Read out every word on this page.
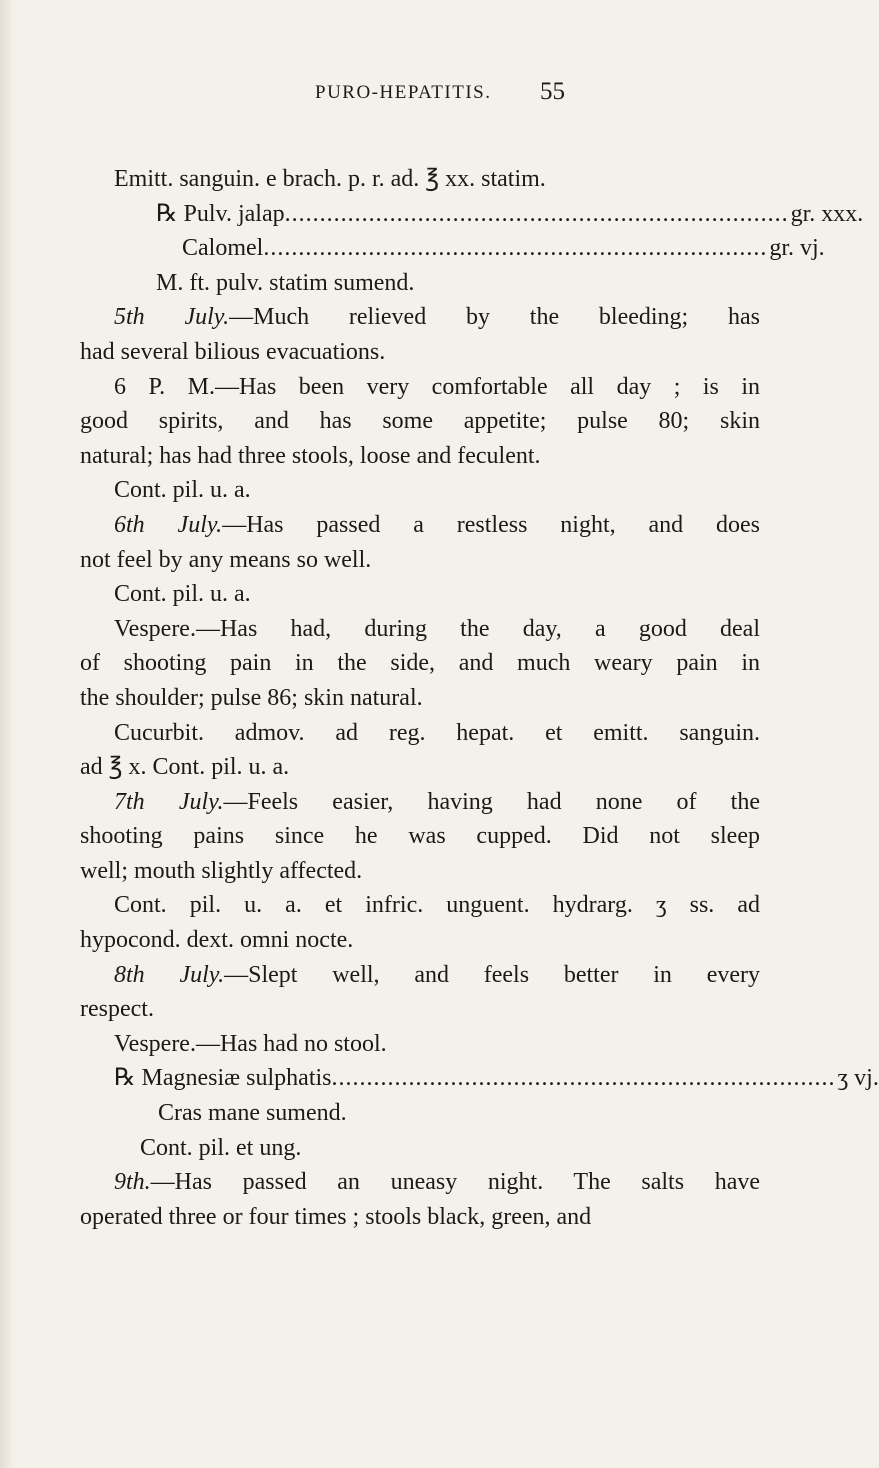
PURO-HEPATITIS. 55
Emitt. sanguin. e brach. p. r. ad. ℥ xx. statim.
℞ Pulv. jalap ........................................................................ gr. xxx.
Calomel ........................................................................ gr. vj.
M. ft. pulv. statim sumend.
5th July.—Much relieved by the bleeding; has
had several bilious evacuations.
6 P. M.—Has been very comfortable all day ; is in
good spirits, and has some appetite; pulse 80; skin
natural; has had three stools, loose and feculent.
Cont. pil. u. a.
6th July.—Has passed a restless night, and does
not feel by any means so well.
Cont. pil. u. a.
Vespere.—Has had, during the day, a good deal
of shooting pain in the side, and much weary pain in
the shoulder; pulse 86; skin natural.
Cucurbit. admov. ad reg. hepat. et emitt. sanguin.
ad ℥ x. Cont. pil. u. a.
7th July.—Feels easier, having had none of the
shooting pains since he was cupped. Did not sleep
well; mouth slightly affected.
Cont. pil. u. a. et infric. unguent. hydrarg. ʒ ss. ad
hypocond. dext. omni nocte.
8th July.—Slept well, and feels better in every
respect.
Vespere.—Has had no stool.
℞ Magnesiæ sulphatis ........................................................................ ʒ vj.
Cras mane sumend.
Cont. pil. et ung.
9th.—Has passed an uneasy night. The salts have
operated three or four times ; stools black, green, and
